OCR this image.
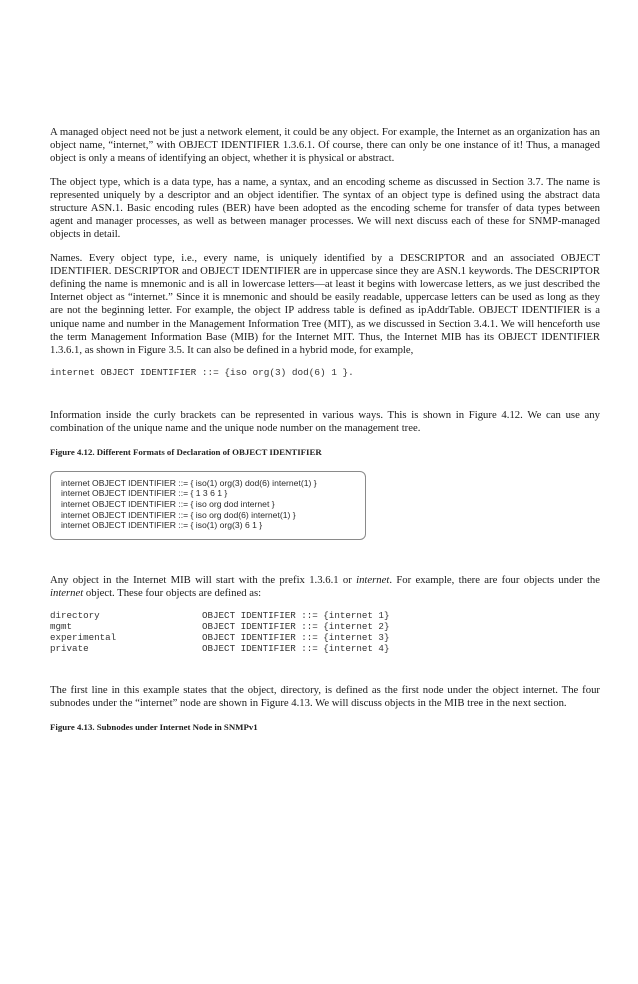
A managed object need not be just a network element, it could be any object. For example, the Internet as an organization has an object name, “internet,” with OBJECT IDENTIFIER 1.3.6.1. Of course, there can only be one instance of it! Thus, a managed object is only a means of identifying an object, whether it is physical or abstract.

The object type, which is a data type, has a name, a syntax, and an encoding scheme as discussed in Section 3.7. The name is represented uniquely by a descriptor and an object identifier. The syntax of an object type is defined using the abstract data structure ASN.1. Basic encoding rules (BER) have been adopted as the encoding scheme for transfer of data types between agent and manager processes, as well as between manager processes. We will next discuss each of these for SNMP-managed objects in detail.

Names. Every object type, i.e., every name, is uniquely identified by a DESCRIPTOR and an associated OBJECT IDENTIFIER. DESCRIPTOR and OBJECT IDENTIFIER are in uppercase since they are ASN.1 keywords. The DESCRIPTOR defining the name is mnemonic and is all in lowercase letters—at least it begins with lowercase letters, as we just described the Internet object as “internet.” Since it is mnemonic and should be easily readable, uppercase letters can be used as long as they are not the beginning letter. For example, the object IP address table is defined as ipAddrTable. OBJECT IDENTIFIER is a unique name and number in the Management Information Tree (MIT), as we discussed in Section 3.4.1. We will henceforth use the term Management Information Base (MIB) for the Internet MIT. Thus, the Internet MIB has its OBJECT IDENTIFIER 1.3.6.1, as shown in Figure 3.5. It can also be defined in a hybrid mode, for example,

internet OBJECT IDENTIFIER ::= {iso org(3) dod(6) 1 }.

Information inside the curly brackets can be represented in various ways. This is shown in Figure 4.12. We can use any combination of the unique name and the unique node number on the management tree.

Figure 4.12. Different Formats of Declaration of OBJECT IDENTIFIER
internet OBJECT IDENTIFIER ::= { iso(1) org(3) dod(6) internet(1) }
internet OBJECT IDENTIFIER ::= { 1 3 6 1 }
internet OBJECT IDENTIFIER ::= { iso org dod internet }
internet OBJECT IDENTIFIER ::= { iso org dod(6) internet(1) }
internet OBJECT IDENTIFIER ::= { iso(1) org(3) 6 1 }

Any object in the Internet MIB will start with the prefix 1.3.6.1 or internet. For example, there are four objects under the internet object. These four objects are defined as:

directory	OBJECT IDENTIFIER ::= {internet 1}
mgmt	OBJECT IDENTIFIER ::= {internet 2}
experimental	OBJECT IDENTIFIER ::= {internet 3}
private	OBJECT IDENTIFIER ::= {internet 4}

The first line in this example states that the object, directory, is defined as the first node under the object internet. The four subnodes under the “internet” node are shown in Figure 4.13. We will discuss objects in the MIB tree in the next section.

Figure 4.13. Subnodes under Internet Node in SNMPv1
